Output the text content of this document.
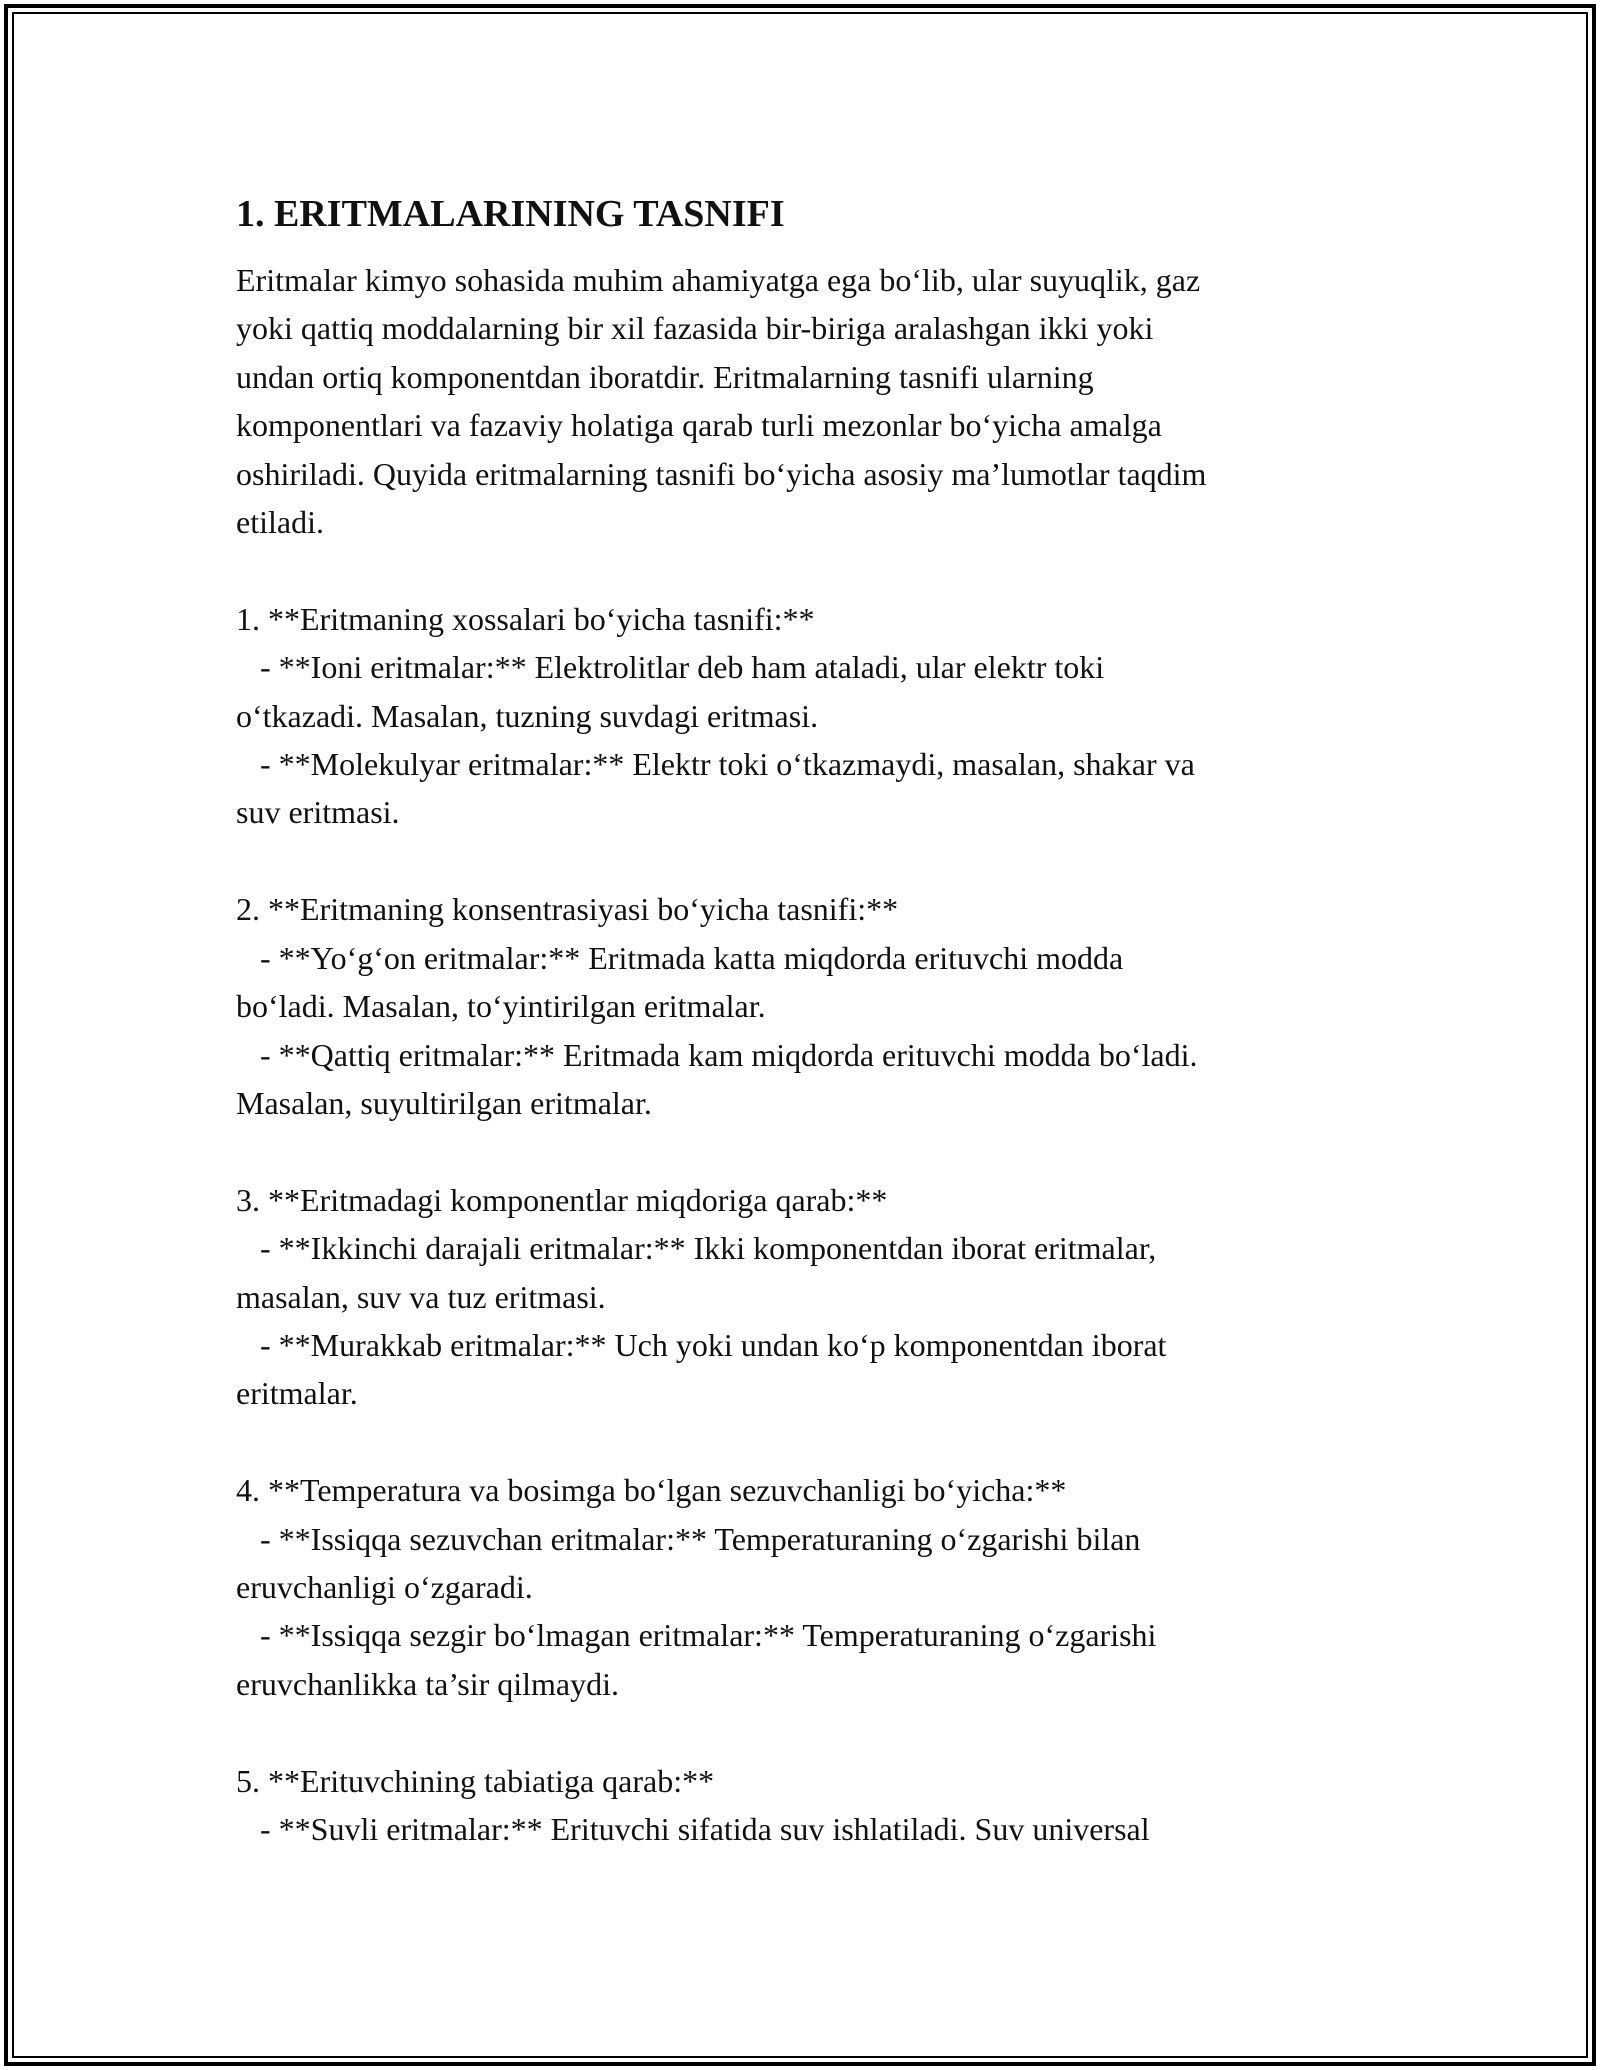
1. ERITMALARINING TASNIFI

Eritmalar kimyo sohasida muhim ahamiyatga ega bo‘lib, ular suyuqlik, gaz
yoki qattiq moddalarning bir xil fazasida bir-biriga aralashgan ikki yoki
undan ortiq komponentdan iboratdir. Eritmalarning tasnifi ularning
komponentlari va fazaviy holatiga qarab turli mezonlar bo‘yicha amalga
oshiriladi. Quyida eritmalarning tasnifi bo‘yicha asosiy ma’lumotlar taqdim
etiladi.

1. **Eritmaning xossalari bo‘yicha tasnifi:**

- **Ioni eritmalar:** Elektrolitlar deb ham ataladi, ular elektr toki
o‘tkazadi. Masalan, tuzning suvdagi eritmasi.

- **Molekulyar eritmalar:** Elektr toki o‘tkazmaydi, masalan, shakar va
suv eritmasi.

2. **Eritmaning konsentrasiyasi bo‘yicha tasnifi:**

- **Yo‘g‘on eritmalar:** Eritmada katta miqdorda erituvchi modda
bo‘ladi. Masalan, to‘yintirilgan eritmalar.

- **Qattiq eritmalar:** Eritmada kam miqdorda erituvchi modda bo‘ladi.
Masalan, suyultirilgan eritmalar.

3. **Eritmadagi komponentlar miqdoriga qarab:**

- **Ikkinchi darajali eritmalar:** Ikki komponentdan iborat eritmalar,
masalan, suv va tuz eritmasi.

- **Murakkab eritmalar:** Uch yoki undan ko‘p komponentdan iborat
eritmalar.

4. **Temperatura va bosimga bo‘lgan sezuvchanligi bo‘yicha:**

- **Issiqqa sezuvchan eritmalar:** Temperaturaning o‘zgarishi bilan
eruvchanligi o‘zgaradi.

- **Issiqqa sezgir bo‘lmagan eritmalar:** Temperaturaning o‘zgarishi
eruvchanlikka ta’sir qilmaydi.

5. **Erituvchining tabiatiga qarab:**

- **Suvli eritmalar:** Erituvchi sifatida suv ishlatiladi. Suv universal
